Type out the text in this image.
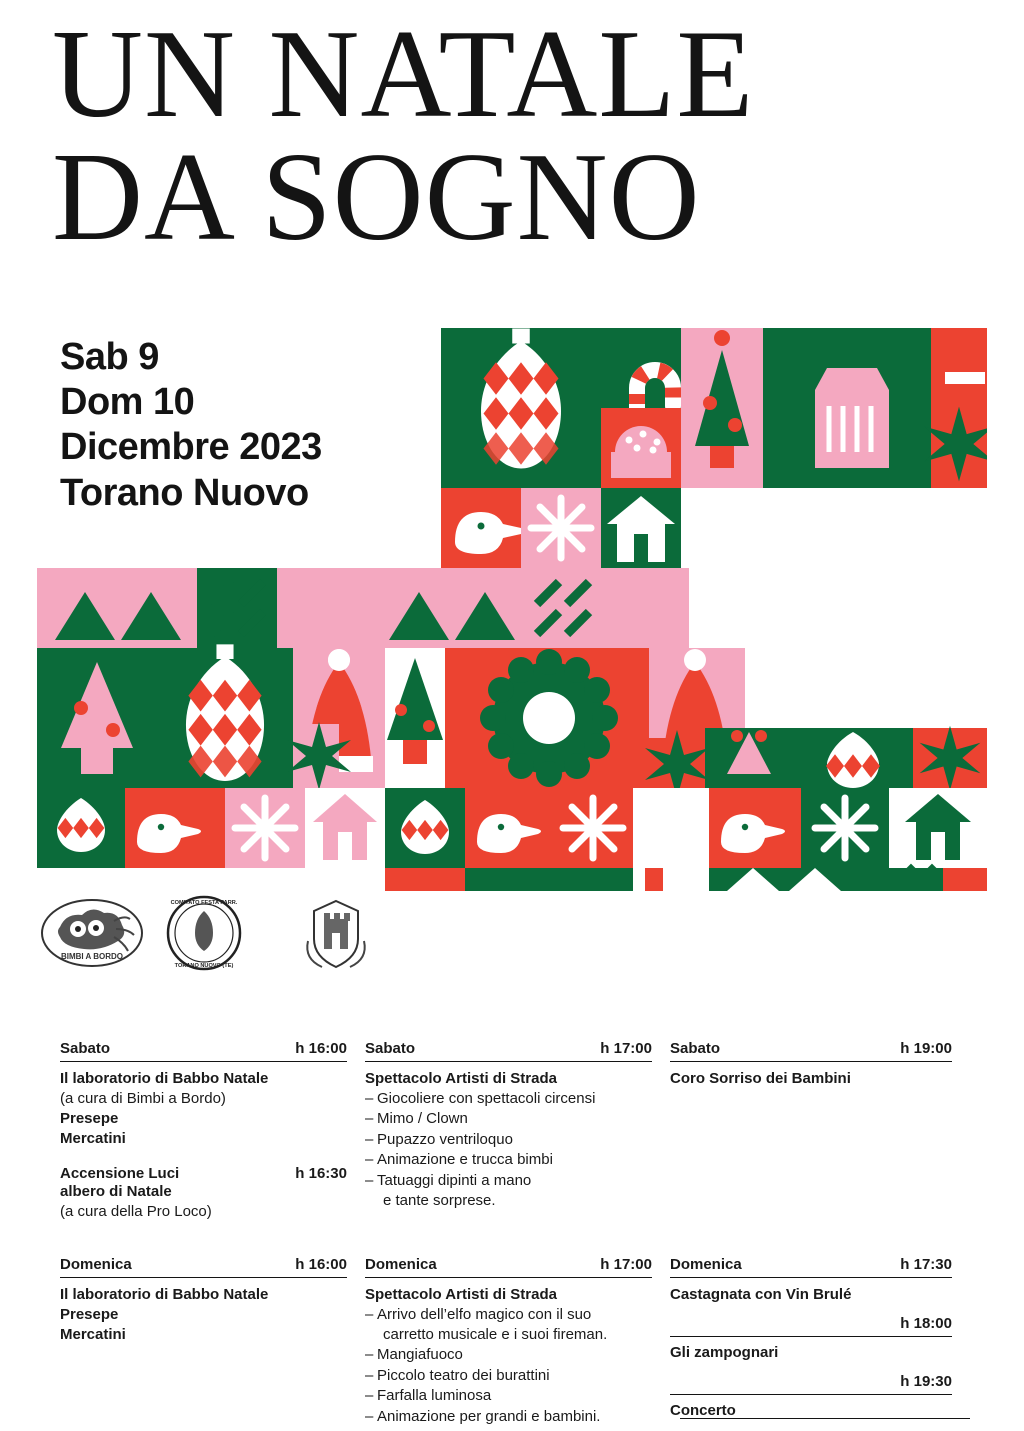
UN NATALE
DA SOGNO
Sab 9
Dom 10
Dicembre 2023
Torano Nuovo
BIMBI A BORDO
COMITATO FESTA PARR.
TORANO NUOVO (TE)
Sabato	h 16:00
Il laboratorio di Babbo Natale
(a cura di Bimbi a Bordo)
Presepe
Mercatini
Accensione Luci	h 16:30
albero di Natale
(a cura della Pro Loco)
Sabato	h 17:00
Spettacolo Artisti di Strada
– Giocoliere con spettacoli circensi
– Mimo / Clown
– Pupazzo ventriloquo
– Animazione e trucca bimbi
– Tatuaggi dipinti a mano
e tante sorprese.
Sabato	h 19:00
Coro Sorriso dei Bambini
Domenica	h 16:00
Il laboratorio di Babbo Natale
Presepe
Mercatini
Domenica	h 17:00
Spettacolo Artisti di Strada
– Arrivo dell’elfo magico con il suo
carretto musicale e i suoi fireman.
– Mangiafuoco
– Piccolo teatro dei burattini
– Farfalla luminosa
– Animazione per grandi e bambini.
Domenica	h 17:30
Castagnata con Vin Brulé
h 18:00
Gli zampognari
h 19:30
Concerto
